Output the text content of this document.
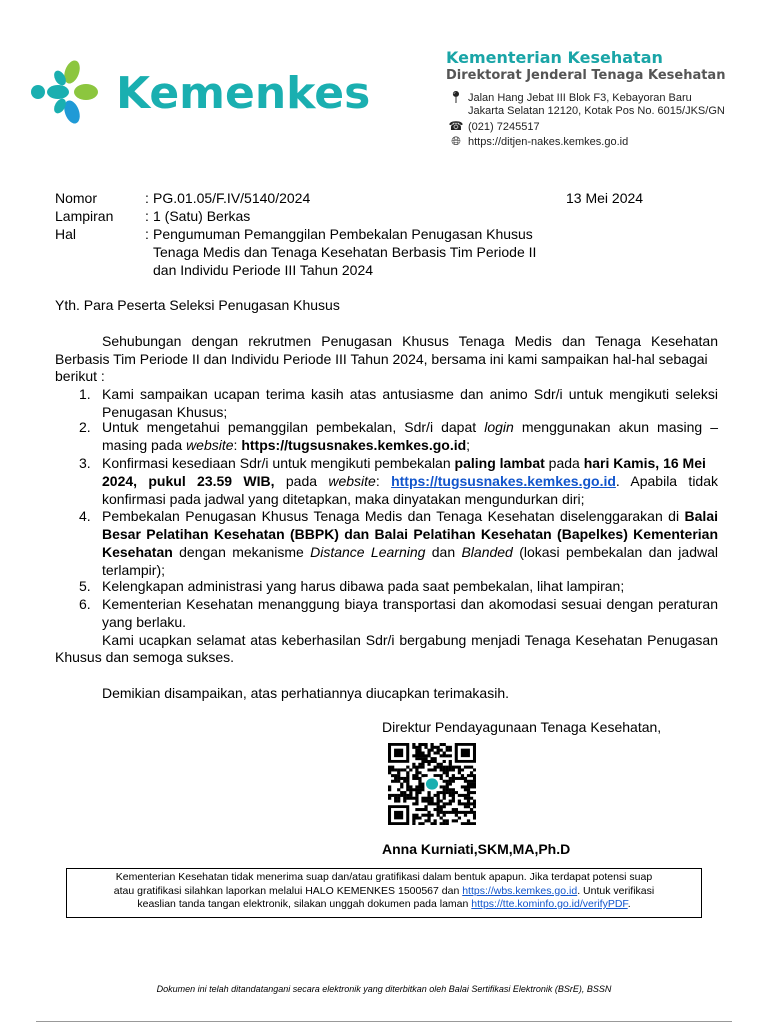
Kemenkes
Kementerian Kesehatan
Direktorat Jenderal Tenaga Kesehatan
📍︎ Jalan Hang Jebat III Blok F3, Kebayoran Baru
Jakarta Selatan 12120, Kotak Pos No. 6015/JKS/GN
☎ (021) 7245517
🌐︎ https://ditjen-nakes.kemkes.go.id
Nomor	: PG.01.05/F.IV/5140/2024	13 Mei 2024
Lampiran : 1 (Satu) Berkas
Hal	: Pengumuman Pemanggilan Pembekalan Penugasan Khusus
Tenaga Medis dan Tenaga Kesehatan Berbasis Tim Periode II
dan Individu Periode III Tahun 2024
Yth. Para Peserta Seleksi Penugasan Khusus
Sehubungan dengan rekrutmen Penugasan Khusus Tenaga Medis dan Tenaga Kesehatan
Berbasis Tim Periode II dan Individu Periode III Tahun 2024, bersama ini kami sampaikan hal-hal sebagai
berikut :
1. Kami sampaikan ucapan terima kasih atas antusiasme dan animo Sdr/i untuk mengikuti seleksi
Penugasan Khusus;
2. Untuk mengetahui pemanggilan pembekalan, Sdr/i dapat login menggunakan akun masing –
masing pada website: https://tugsusnakes.kemkes.go.id;
3. Konfirmasi kesediaan Sdr/i untuk mengikuti pembekalan paling lambat pada hari Kamis, 16 Mei
2024, pukul 23.59 WIB, pada website: https://tugsusnakes.kemkes.go.id. Apabila tidak
konfirmasi pada jadwal yang ditetapkan, maka dinyatakan mengundurkan diri;
4. Pembekalan Penugasan Khusus Tenaga Medis dan Tenaga Kesehatan diselenggarakan di Balai
Besar Pelatihan Kesehatan (BBPK) dan Balai Pelatihan Kesehatan (Bapelkes) Kementerian
Kesehatan dengan mekanisme Distance Learning dan Blanded (lokasi pembekalan dan jadwal
terlampir);
5. Kelengkapan administrasi yang harus dibawa pada saat pembekalan, lihat lampiran;
6. Kementerian Kesehatan menanggung biaya transportasi dan akomodasi sesuai dengan peraturan
yang berlaku.
Kami ucapkan selamat atas keberhasilan Sdr/i bergabung menjadi Tenaga Kesehatan Penugasan
Khusus dan semoga sukses.
Demikian disampaikan, atas perhatiannya diucapkan terimakasih.
Direktur Pendayagunaan Tenaga Kesehatan,
Anna Kurniati,SKM,MA,Ph.D
Kementerian Kesehatan tidak menerima suap dan/atau gratifikasi dalam bentuk apapun. Jika terdapat potensi suap
atau gratifikasi silahkan laporkan melalui HALO KEMENKES 1500567 dan https://wbs.kemkes.go.id. Untuk verifikasi
keaslian tanda tangan elektronik, silakan unggah dokumen pada laman https://tte.kominfo.go.id/verifyPDF.
Dokumen ini telah ditandatangani secara elektronik yang diterbitkan oleh Balai Sertifikasi Elektronik (BSrE), BSSN
